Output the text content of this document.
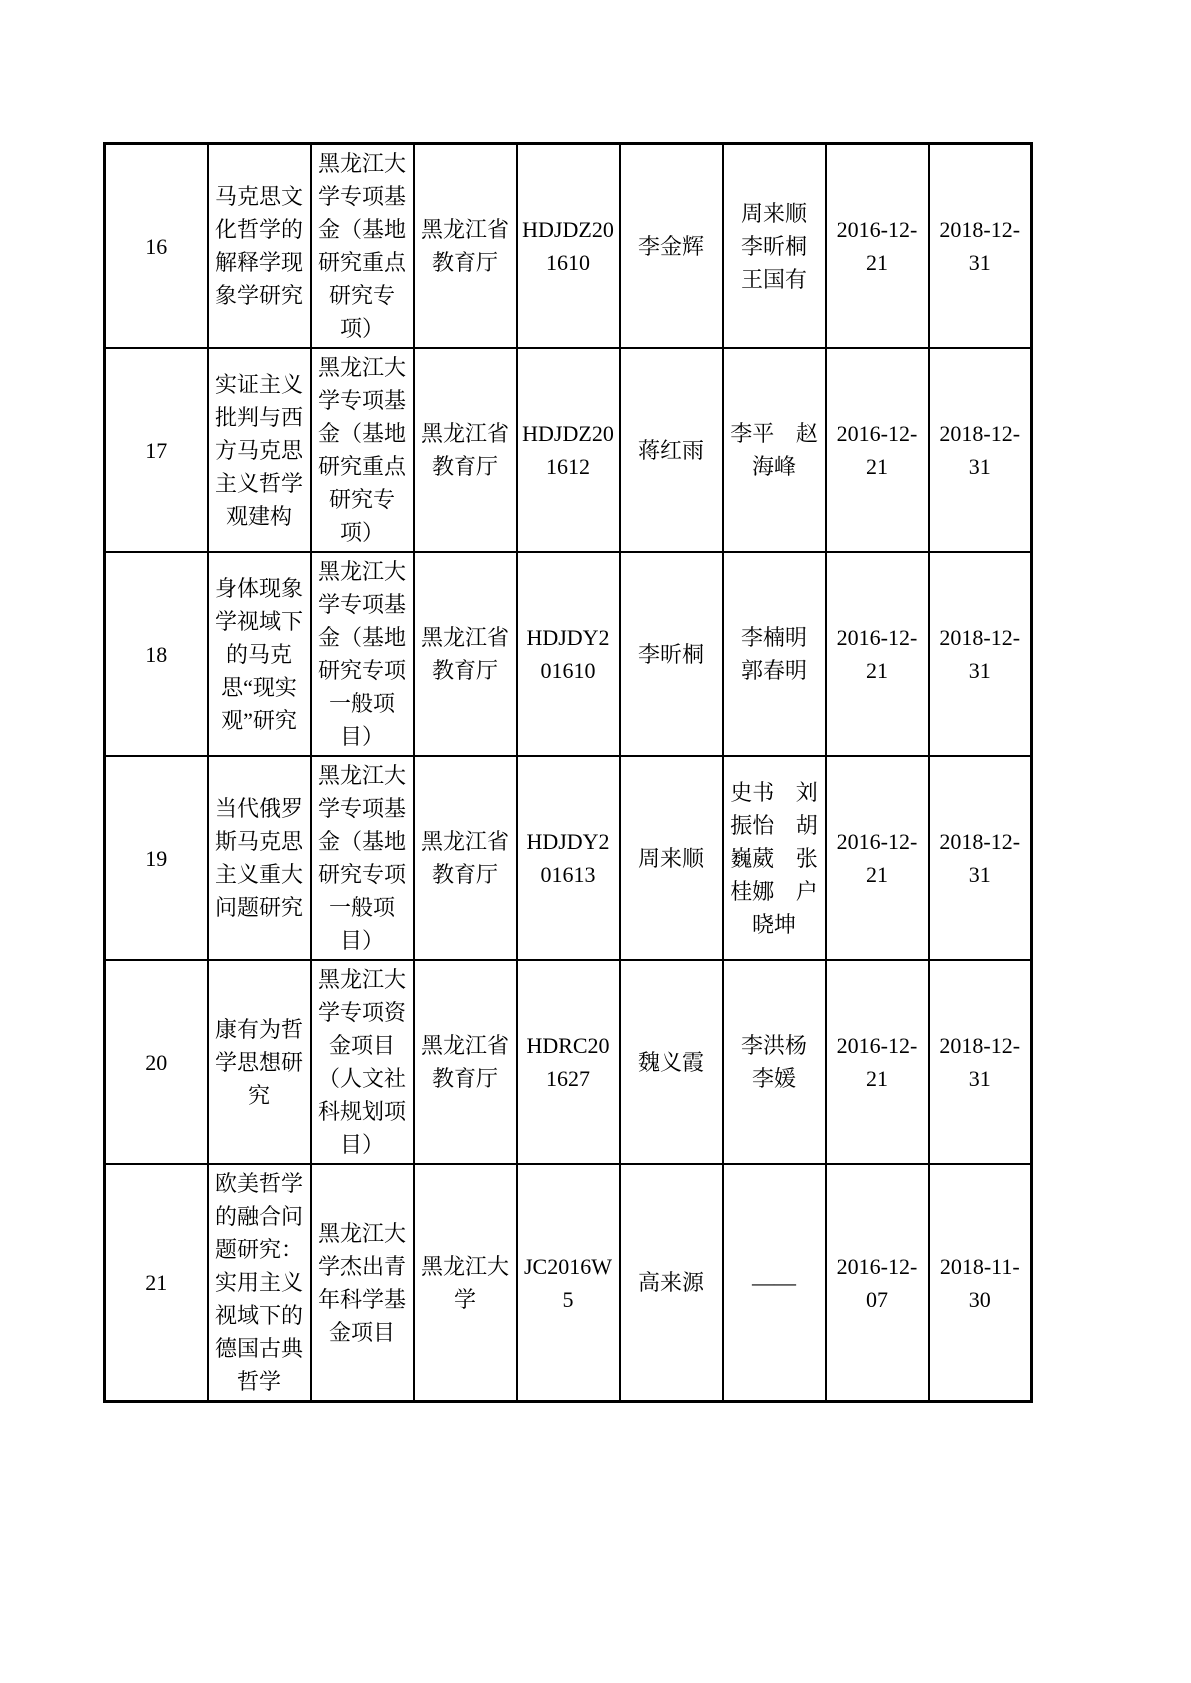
16	马克思文化哲学的解释学现象学研究	黑龙江大学专项基金（基地研究重点研究专项）	黑龙江省教育厅	HDJDZ201610	李金辉	周来顺 李昕桐 王国有	2016-12-21	2018-12-31
17	实证主义批判与西方马克思主义哲学观建构	黑龙江大学专项基金（基地研究重点研究专项）	黑龙江省教育厅	HDJDZ201612	蒋红雨	李平 赵海峰	2016-12-21	2018-12-31
18	身体现象学视域下的马克思“现实观”研究	黑龙江大学专项基金（基地研究专项一般项目）	黑龙江省教育厅	HDJDY201610	李昕桐	李楠明 郭春明	2016-12-21	2018-12-31
19	当代俄罗斯马克思主义重大问题研究	黑龙江大学专项基金（基地研究专项一般项目）	黑龙江省教育厅	HDJDY201613	周来顺	史书 刘振怡 胡巍葳 张桂娜 户晓坤	2016-12-21	2018-12-31
20	康有为哲学思想研究	黑龙江大学专项资金项目（人文社科规划项目）	黑龙江省教育厅	HDRC201627	魏义霞	李洪杨 李媛	2016-12-21	2018-12-31
21	欧美哲学的融合问题研究：实用主义视域下的德国古典哲学	黑龙江大学杰出青年科学基金项目	黑龙江大学	JC2016W5	高来源	——	2016-12-07	2018-11-30
